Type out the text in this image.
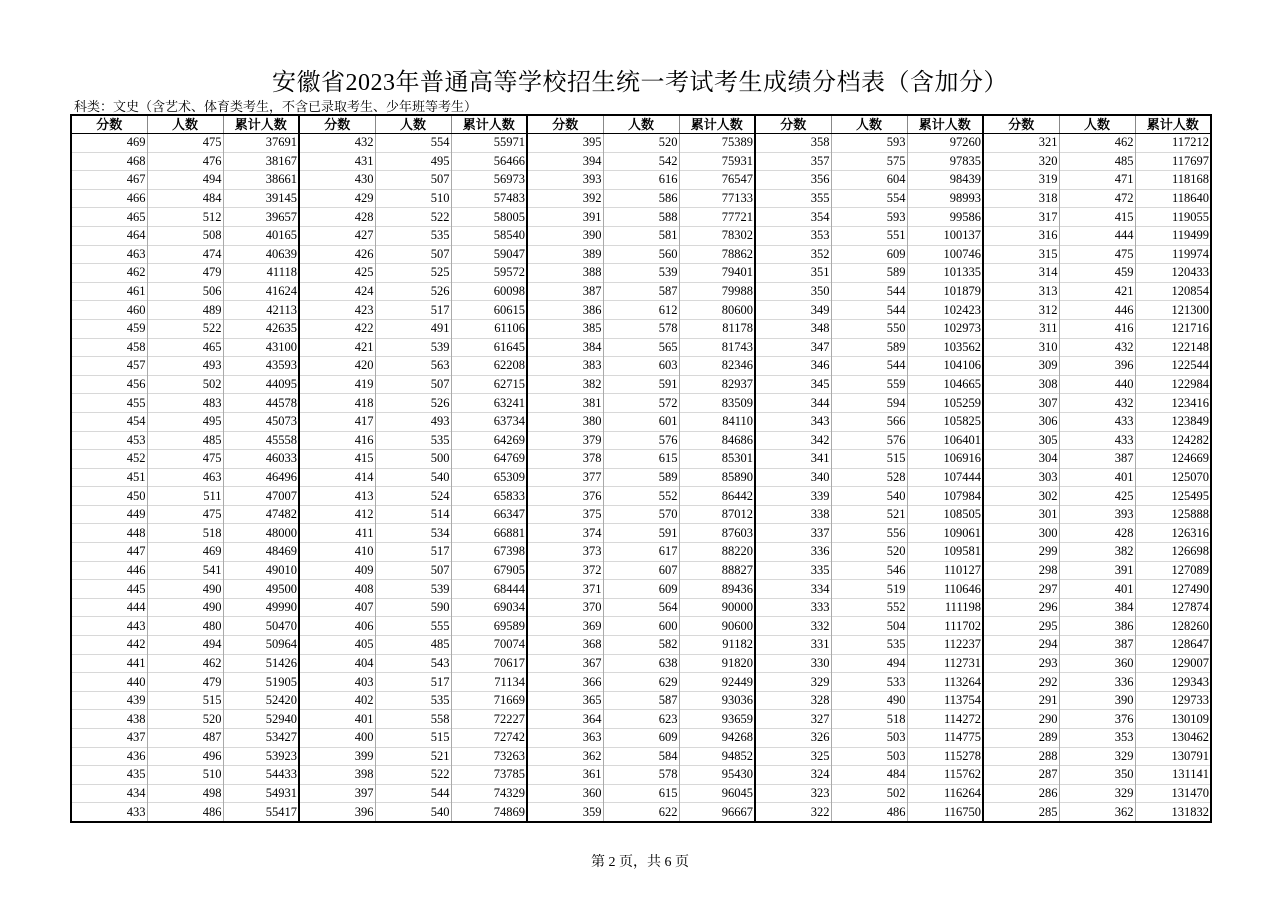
安徽省2023年普通高等学校招生统一考试考生成绩分档表（含加分）
科类：文史（含艺术、体育类考生，不含已录取考生、少年班等考生）
分数	人数	累计人数	分数	人数	累计人数	分数	人数	累计人数	分数	人数	累计人数	分数	人数	累计人数
469	475	37691	432	554	55971	395	520	75389	358	593	97260	321	462	117212
468	476	38167	431	495	56466	394	542	75931	357	575	97835	320	485	117697
467	494	38661	430	507	56973	393	616	76547	356	604	98439	319	471	118168
466	484	39145	429	510	57483	392	586	77133	355	554	98993	318	472	118640
465	512	39657	428	522	58005	391	588	77721	354	593	99586	317	415	119055
464	508	40165	427	535	58540	390	581	78302	353	551	100137	316	444	119499
463	474	40639	426	507	59047	389	560	78862	352	609	100746	315	475	119974
462	479	41118	425	525	59572	388	539	79401	351	589	101335	314	459	120433
461	506	41624	424	526	60098	387	587	79988	350	544	101879	313	421	120854
460	489	42113	423	517	60615	386	612	80600	349	544	102423	312	446	121300
459	522	42635	422	491	61106	385	578	81178	348	550	102973	311	416	121716
458	465	43100	421	539	61645	384	565	81743	347	589	103562	310	432	122148
457	493	43593	420	563	62208	383	603	82346	346	544	104106	309	396	122544
456	502	44095	419	507	62715	382	591	82937	345	559	104665	308	440	122984
455	483	44578	418	526	63241	381	572	83509	344	594	105259	307	432	123416
454	495	45073	417	493	63734	380	601	84110	343	566	105825	306	433	123849
453	485	45558	416	535	64269	379	576	84686	342	576	106401	305	433	124282
452	475	46033	415	500	64769	378	615	85301	341	515	106916	304	387	124669
451	463	46496	414	540	65309	377	589	85890	340	528	107444	303	401	125070
450	511	47007	413	524	65833	376	552	86442	339	540	107984	302	425	125495
449	475	47482	412	514	66347	375	570	87012	338	521	108505	301	393	125888
448	518	48000	411	534	66881	374	591	87603	337	556	109061	300	428	126316
447	469	48469	410	517	67398	373	617	88220	336	520	109581	299	382	126698
446	541	49010	409	507	67905	372	607	88827	335	546	110127	298	391	127089
445	490	49500	408	539	68444	371	609	89436	334	519	110646	297	401	127490
444	490	49990	407	590	69034	370	564	90000	333	552	111198	296	384	127874
443	480	50470	406	555	69589	369	600	90600	332	504	111702	295	386	128260
442	494	50964	405	485	70074	368	582	91182	331	535	112237	294	387	128647
441	462	51426	404	543	70617	367	638	91820	330	494	112731	293	360	129007
440	479	51905	403	517	71134	366	629	92449	329	533	113264	292	336	129343
439	515	52420	402	535	71669	365	587	93036	328	490	113754	291	390	129733
438	520	52940	401	558	72227	364	623	93659	327	518	114272	290	376	130109
437	487	53427	400	515	72742	363	609	94268	326	503	114775	289	353	130462
436	496	53923	399	521	73263	362	584	94852	325	503	115278	288	329	130791
435	510	54433	398	522	73785	361	578	95430	324	484	115762	287	350	131141
434	498	54931	397	544	74329	360	615	96045	323	502	116264	286	329	131470
433	486	55417	396	540	74869	359	622	96667	322	486	116750	285	362	131832
第 2 页，共 6 页
